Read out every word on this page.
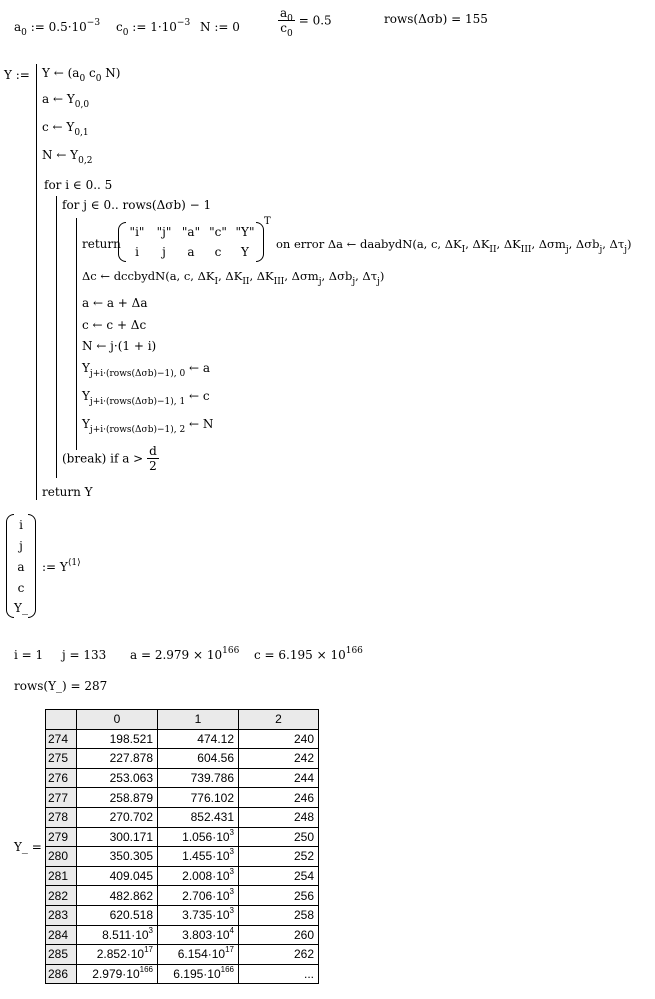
$a_0$ := $0.5\cdot 10^{-3}$ $c_0$ := $1\cdot 10^{-3}$ N := 0	$\frac{a_0}{c_0} = 0.5$	rows(Δσb) = 155
Y := Y ← ($a_0$ $c_0$ N)
a ← $Y_{0,0}$
c ← $Y_{0,1}$
N ← $Y_{0,2}$
for i ∈ 0.. 5
for j ∈ 0.. rows(Δσb) − 1
return
"i"	"j" "a" "c" "Y"
i	j	a	c	Y
T
on error Δa ← daabydN(a, c, $\Delta K_I$, $\Delta K_{II}$, $\Delta K_{III}$, Δσm$_j$, Δσb$_j$, $\Delta\tau_j$)
Δc ← dccbydN(a, c, $\Delta K_I$, $\Delta K_{II}$, $\Delta K_{III}$, Δσm$_j$, Δσb$_j$, $\Delta\tau_j$)
a ← a + Δa
c ← c + Δc
N ← j·(1 + i)
$Y_{j+i\cdot(rows(\Delta\sigma b)-1), 0}$ ← a
$Y_{j+i\cdot(rows(\Delta\sigma b)-1), 1}$ ← c
$Y_{j+i\cdot(rows(\Delta\sigma b)-1), 2}$ ← N
(break) if $a > \frac{d}{2}$
return Y
i
j
a
c
Y_
:= $Y^{⟨1⟩}$
i = 1 j = 133 $a = 2.979 \times 10^{166}$ $c = 6.195 \times 10^{166}$
rows(Y_) = 287
Y_ =
	0	1	2
274	198.521	474.12	240
275	227.878	604.56	242
276	253.063	739.786	244
277	258.879	776.102	246
278	270.702	852.431	248
279	300.171	$1.056\cdot 10^3$	250
280	350.305	$1.455\cdot 10^3$	252
281	409.045	$2.008\cdot 10^3$	254
282	482.862	$2.706\cdot 10^3$	256
283	620.518	$3.735\cdot 10^3$	258
284	$8.511\cdot 10^3$	$3.803\cdot 10^4$	260
285	$2.852\cdot 10^{17}$	$6.154\cdot 10^{17}$	262
286	$2.979\cdot 10^{166}$	$6.195\cdot 10^{166}$	...
